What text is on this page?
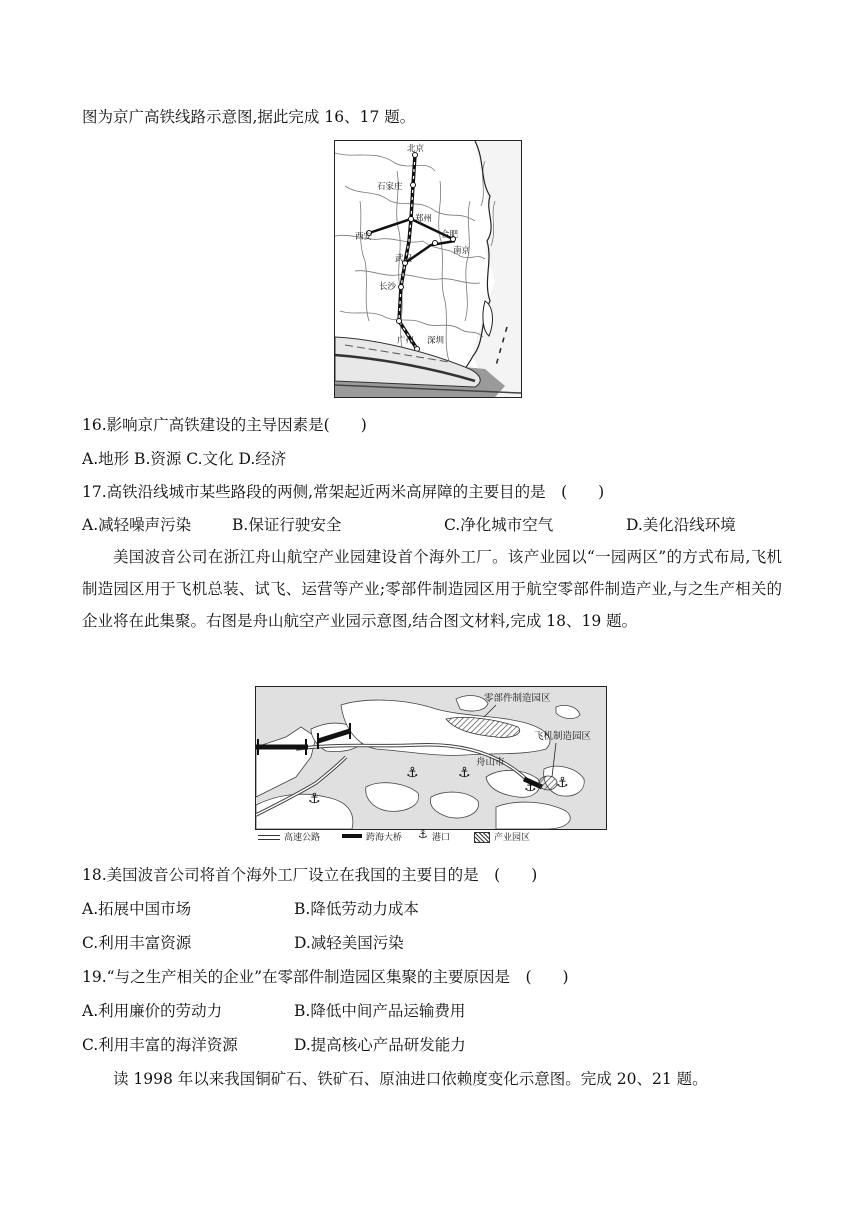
图为京广高铁线路示意图,据此完成 16、17 题。
北京
石家庄
郑州
西安	合肥
南京
武汉
长沙
广州 深圳
16.影响京广高铁建设的主导因素是(　　)
A.地形 B.资源 C.文化 D.经济
17.高铁沿线城市某些路段的两侧,常架起近两米高屏障的主要目的是　(　　)
A.减轻噪声污染	B.保证行驶安全	C.净化城市空气	D.美化沿线环境
美国波音公司在浙江舟山航空产业园建设首个海外工厂。该产业园以“一园两区”的方式布局,飞机制造园区用于飞机总装、试飞、运营等产业;零部件制造园区用于航空零部件制造产业,与之生产相关的企业将在此集聚。右图是舟山航空产业园示意图,结合图文材料,完成 18、19 题。
⚓
⚓	⚓
⚓ ⚓
零部件制造园区
飞机制造园区
舟山市
高速公路	跨海大桥 ⚓ 港口	产业园区
18.美国波音公司将首个海外工厂设立在我国的主要目的是　(　　)
A.拓展中国市场	B.降低劳动力成本
C.利用丰富资源	D.减轻美国污染
19.“与之生产相关的企业”在零部件制造园区集聚的主要原因是　(　　)
A.利用廉价的劳动力	B.降低中间产品运输费用
C.利用丰富的海洋资源	D.提高核心产品研发能力
读 1998 年以来我国铜矿石、铁矿石、原油进口依赖度变化示意图。完成 20、21 题。
